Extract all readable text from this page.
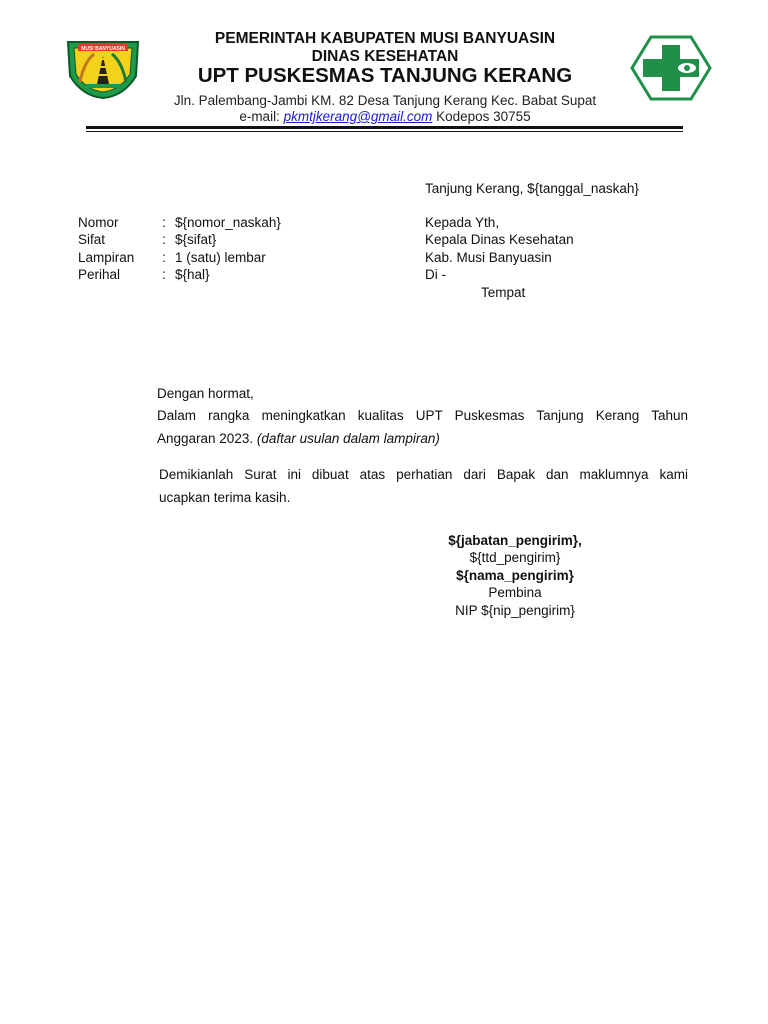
MUSI BANYUASIN
PEMERINTAH KABUPATEN MUSI BANYUASIN
DINAS KESEHATAN
UPT PUSKESMAS TANJUNG KERANG
Jln. Palembang-Jambi KM. 82 Desa Tanjung Kerang Kec. Babat Supat
e-mail: pkmtjkerang@gmail.com Kodepos 30755
Tanjung Kerang, ${tanggal_naskah}
Nomor	: ${nomor_naskah}
Sifat	: ${sifat}
Lampiran : 1 (satu) lembar
Perihal	: ${hal}
Kepada Yth,
Kepala Dinas Kesehatan
Kab. Musi Banyuasin
Di -
Tempat
Dengan hormat,
Dalam rangka meningkatkan kualitas UPT Puskesmas Tanjung Kerang Tahun
Anggaran 2023. (daftar usulan dalam lampiran)
Demikianlah Surat ini dibuat atas perhatian dari Bapak dan maklumnya kami
ucapkan terima kasih.
${jabatan_pengirim},
${ttd_pengirim}
${nama_pengirim}
Pembina
NIP ${nip_pengirim}
